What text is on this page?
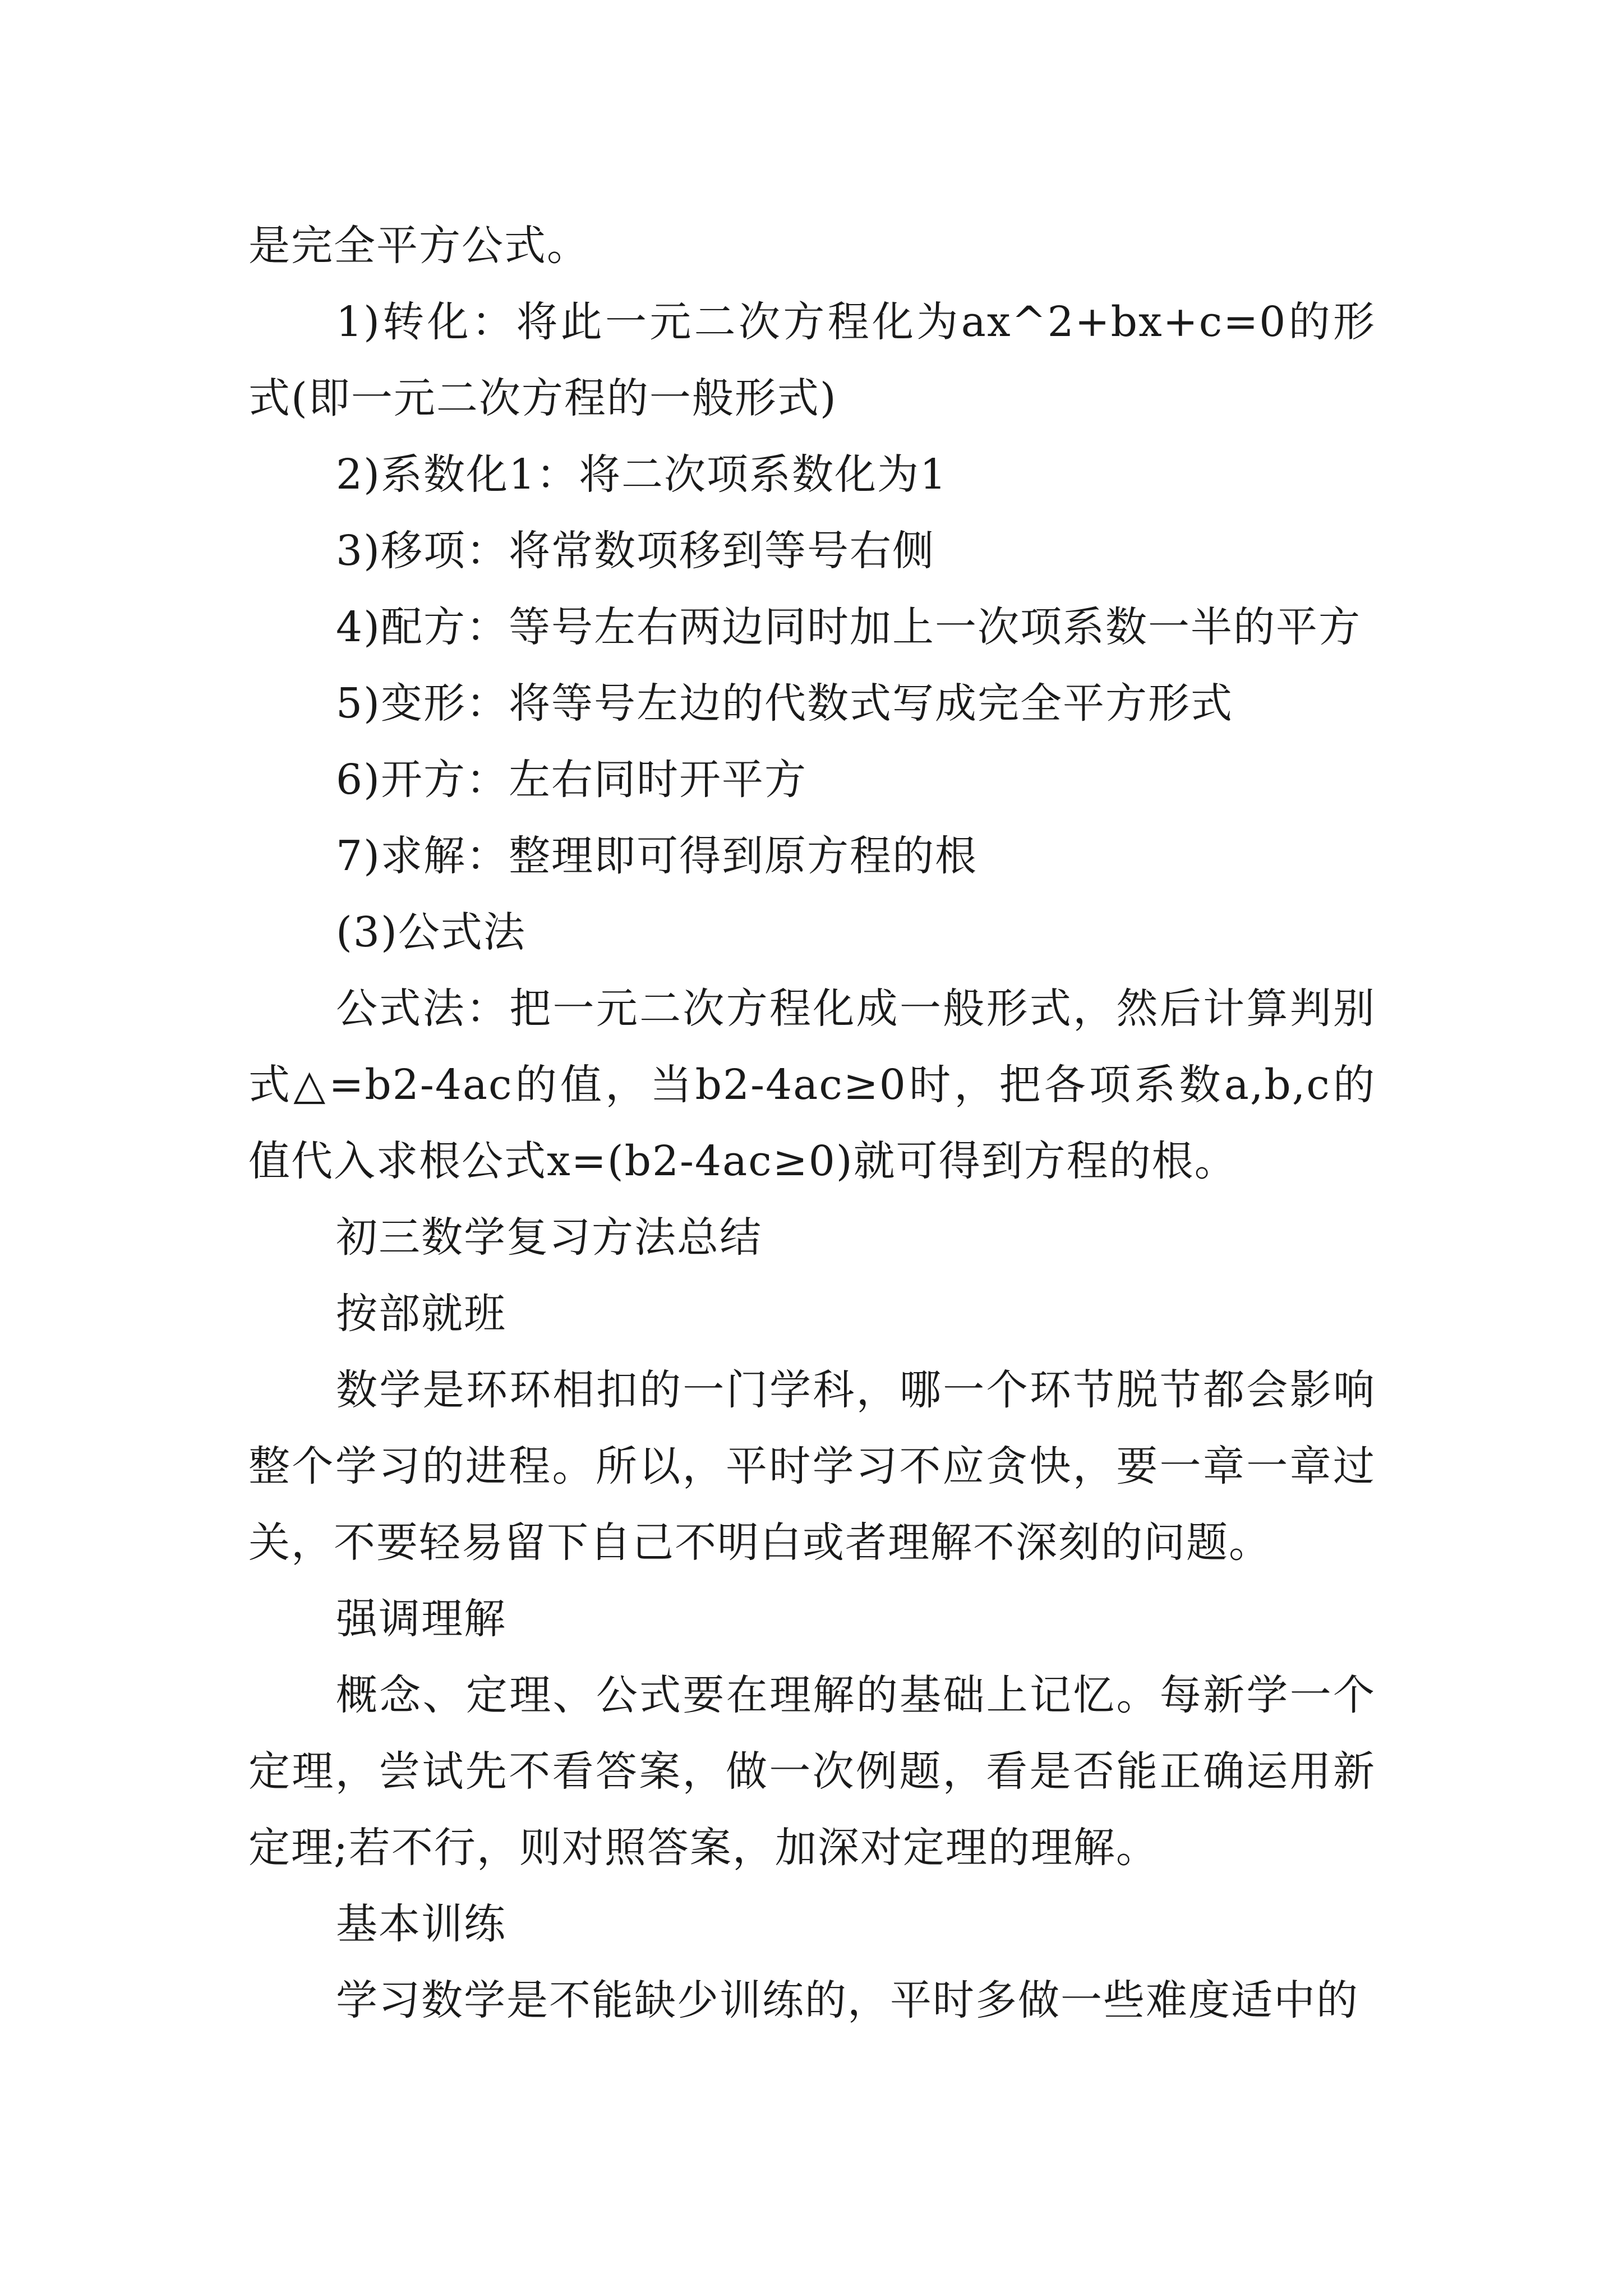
是完全平方公式。

1)转化：将此一元二次方程化为ax^2+bx+c=0的形式(即一元二次方程的一般形式)

2)系数化1：将二次项系数化为1

3)移项：将常数项移到等号右侧

4)配方：等号左右两边同时加上一次项系数一半的平方

5)变形：将等号左边的代数式写成完全平方形式

6)开方：左右同时开平方

7)求解：整理即可得到原方程的根

(3)公式法

公式法：把一元二次方程化成一般形式，然后计算判别式△=b2-4ac的值，当b2-4ac≥0时，把各项系数a,b,c的值代入求根公式x=(b2-4ac≥0)就可得到方程的根。

初三数学复习方法总结

按部就班

数学是环环相扣的一门学科，哪一个环节脱节都会影响整个学习的进程。所以，平时学习不应贪快，要一章一章过关，不要轻易留下自己不明白或者理解不深刻的问题。

强调理解

概念、定理、公式要在理解的基础上记忆。每新学一个定理，尝试先不看答案，做一次例题，看是否能正确运用新定理;若不行，则对照答案，加深对定理的理解。

基本训练

学习数学是不能缺少训练的，平时多做一些难度适中的
